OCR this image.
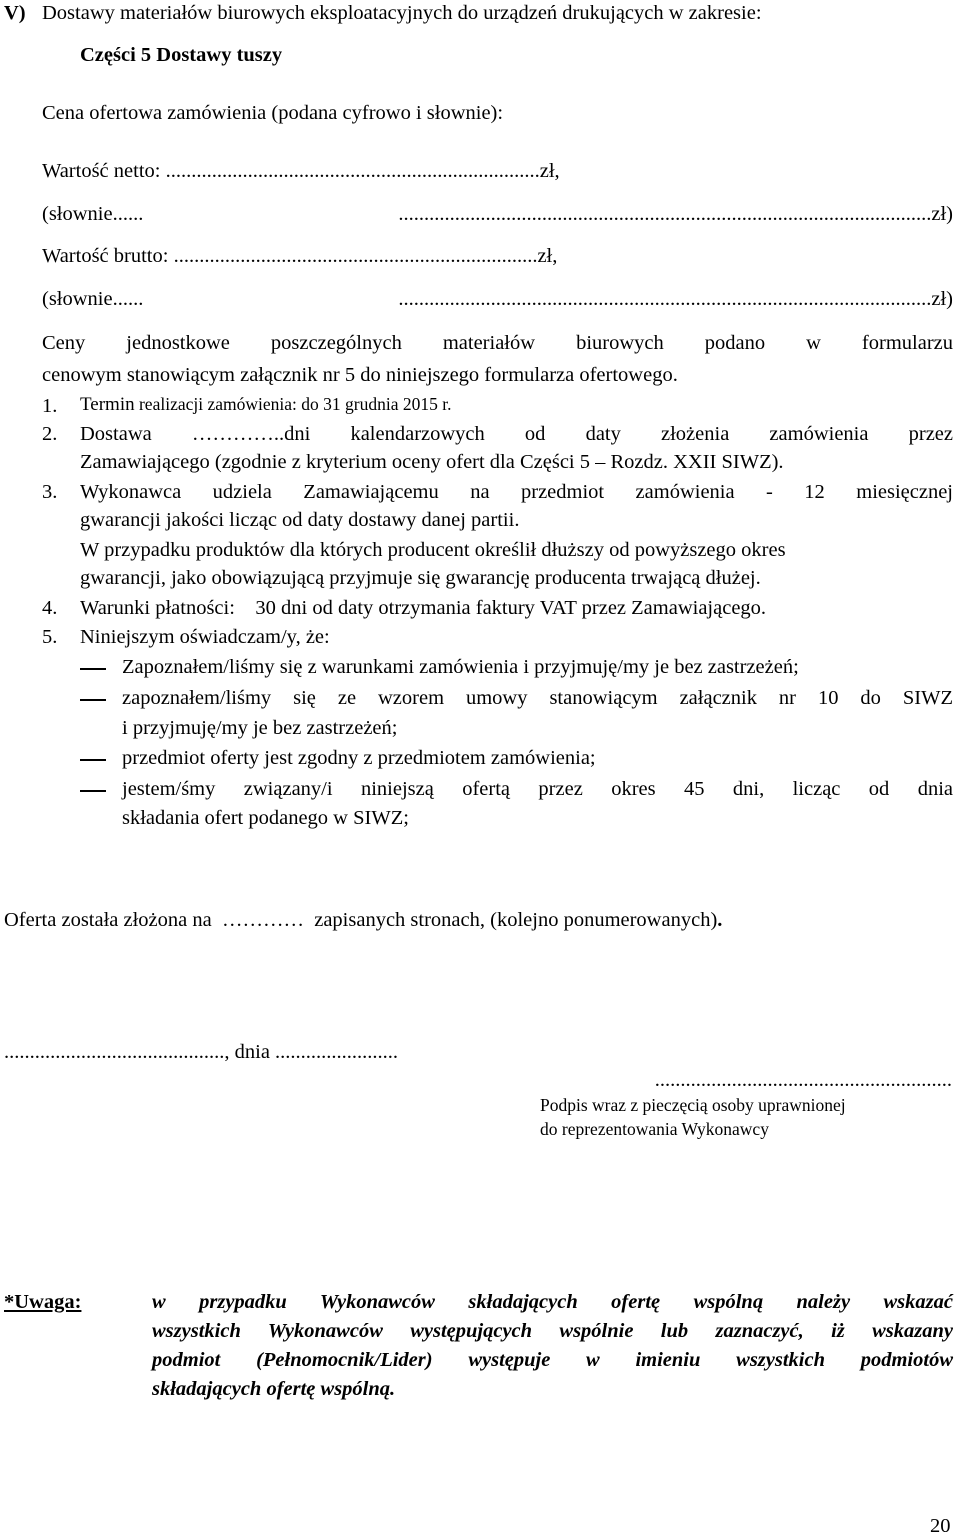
V) Dostawy materiałów biurowych eksploatacyjnych do urządzeń drukujących w zakresie:
Części 5 Dostawy tuszy
Cena ofertowa zamówienia (podana cyfrowo i słownie):
Wartość netto: .........................................................................zł,
(słownie......	........................................................................................................zł)
Wartość brutto: .......................................................................zł,
(słownie......	........................................................................................................zł)
Ceny jednostkowe poszczególnych materiałów biurowych podano w formularzu
cenowym stanowiącym załącznik nr 5 do niniejszego formularza ofertowego.
1. Termin realizacji zamówienia: do 31 grudnia 2015 r.
2. Dostawa …………..dni kalendarzowych od daty złożenia zamówienia przez
Zamawiającego (zgodnie z kryterium oceny ofert dla Części 5 – Rozdz. XXII SIWZ).
3. Wykonawca udziela Zamawiającemu na przedmiot zamówienia - 12 miesięcznej
gwarancji jakości licząc od daty dostawy danej partii.
W przypadku produktów dla których producent określił dłuższy od powyższego okres
gwarancji, jako obowiązującą przyjmuje się gwarancję producenta trwającą dłużej.
4. Warunki płatności:    30 dni od daty otrzymania faktury VAT przez Zamawiającego.
5. Niniejszym oświadczam/y, że:
Zapoznałem/liśmy się z warunkami zamówienia i przyjmuję/my je bez zastrzeżeń;
zapoznałem/liśmy się ze wzorem umowy stanowiącym załącznik nr 10 do SIWZ
i przyjmuję/my je bez zastrzeżeń;
przedmiot oferty jest zgodny z przedmiotem zamówienia;
jestem/śmy związany/i niniejszą ofertą przez okres 45 dni, licząc od dnia
składania ofert podanego w SIWZ;
Oferta została złożona na  …………  zapisanych stronach, (kolejno ponumerowanych).
..........................................., dnia ........................
..........................................................
Podpis wraz z pieczęcią osoby uprawnionej
do reprezentowania Wykonawcy
*Uwaga:	w przypadku Wykonawców składających ofertę wspólną należy wskazać
wszystkich Wykonawców występujących wspólnie lub zaznaczyć, iż wskazany
podmiot (Pełnomocnik/Lider) występuje w imieniu wszystkich podmiotów
składających ofertę wspólną.
20
